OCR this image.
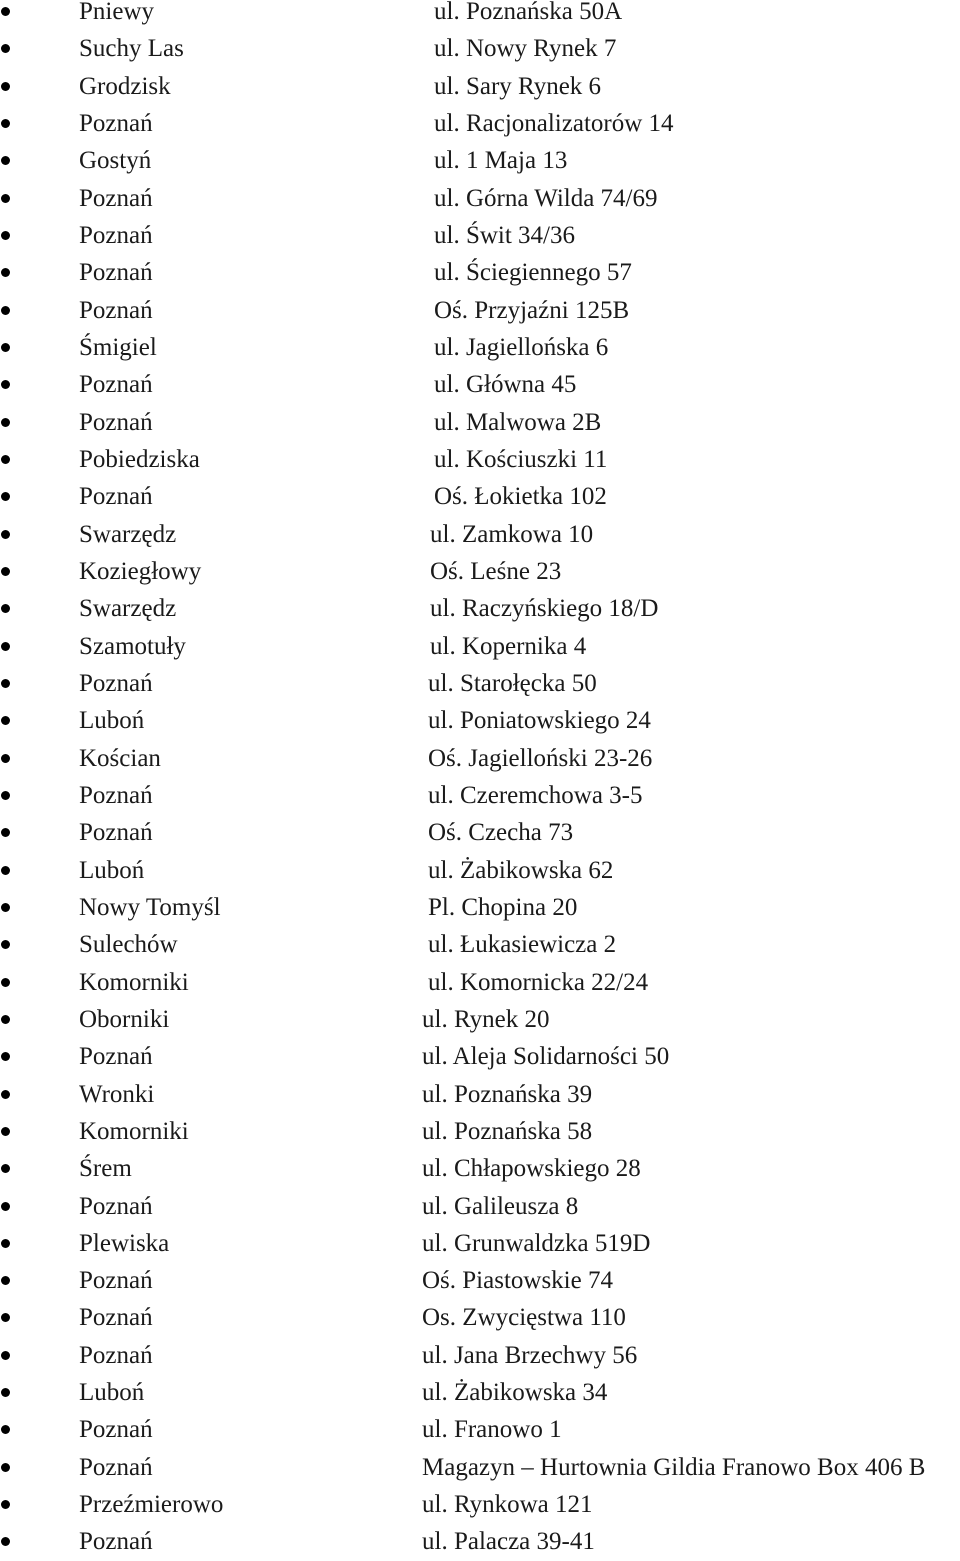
Pniewy	ul. Poznańska 50A
Suchy Las	ul. Nowy Rynek 7
Grodzisk	ul. Sary Rynek 6
Poznań	ul. Racjonalizatorów 14
Gostyń	ul. 1 Maja 13
Poznań	ul. Górna Wilda 74/69
Poznań	ul. Świt 34/36
Poznań	ul. Ściegiennego 57
Poznań	Oś. Przyjaźni 125B
Śmigiel	ul. Jagiellońska 6
Poznań	ul. Główna 45
Poznań	ul. Malwowa 2B
Pobiedziska	ul. Kościuszki 11
Poznań	Oś. Łokietka 102
Swarzędz	ul. Zamkowa 10
Koziegłowy	Oś. Leśne 23
Swarzędz	ul. Raczyńskiego 18/D
Szamotuły	ul. Kopernika 4
Poznań	ul. Starołęcka 50
Luboń	ul. Poniatowskiego 24
Kościan	Oś. Jagielloński 23-26
Poznań	ul. Czeremchowa 3-5
Poznań	Oś. Czecha 73
Luboń	ul. Żabikowska 62
Nowy Tomyśl	Pl. Chopina 20
Sulechów	ul. Łukasiewicza 2
Komorniki	ul. Komornicka 22/24
Oborniki	ul. Rynek 20
Poznań	ul. Aleja Solidarności 50
Wronki	ul. Poznańska 39
Komorniki	ul. Poznańska 58
Śrem	ul. Chłapowskiego 28
Poznań	ul. Galileusza 8
Plewiska	ul. Grunwaldzka 519D
Poznań	Oś. Piastowskie 74
Poznań	Os. Zwycięstwa 110
Poznań	ul. Jana Brzechwy 56
Luboń	ul. Żabikowska 34
Poznań	ul. Franowo 1
Poznań	Magazyn – Hurtownia Gildia Franowo Box 406 B
Przeźmierowo	ul. Rynkowa 121
Poznań	ul. Palacza 39-41
